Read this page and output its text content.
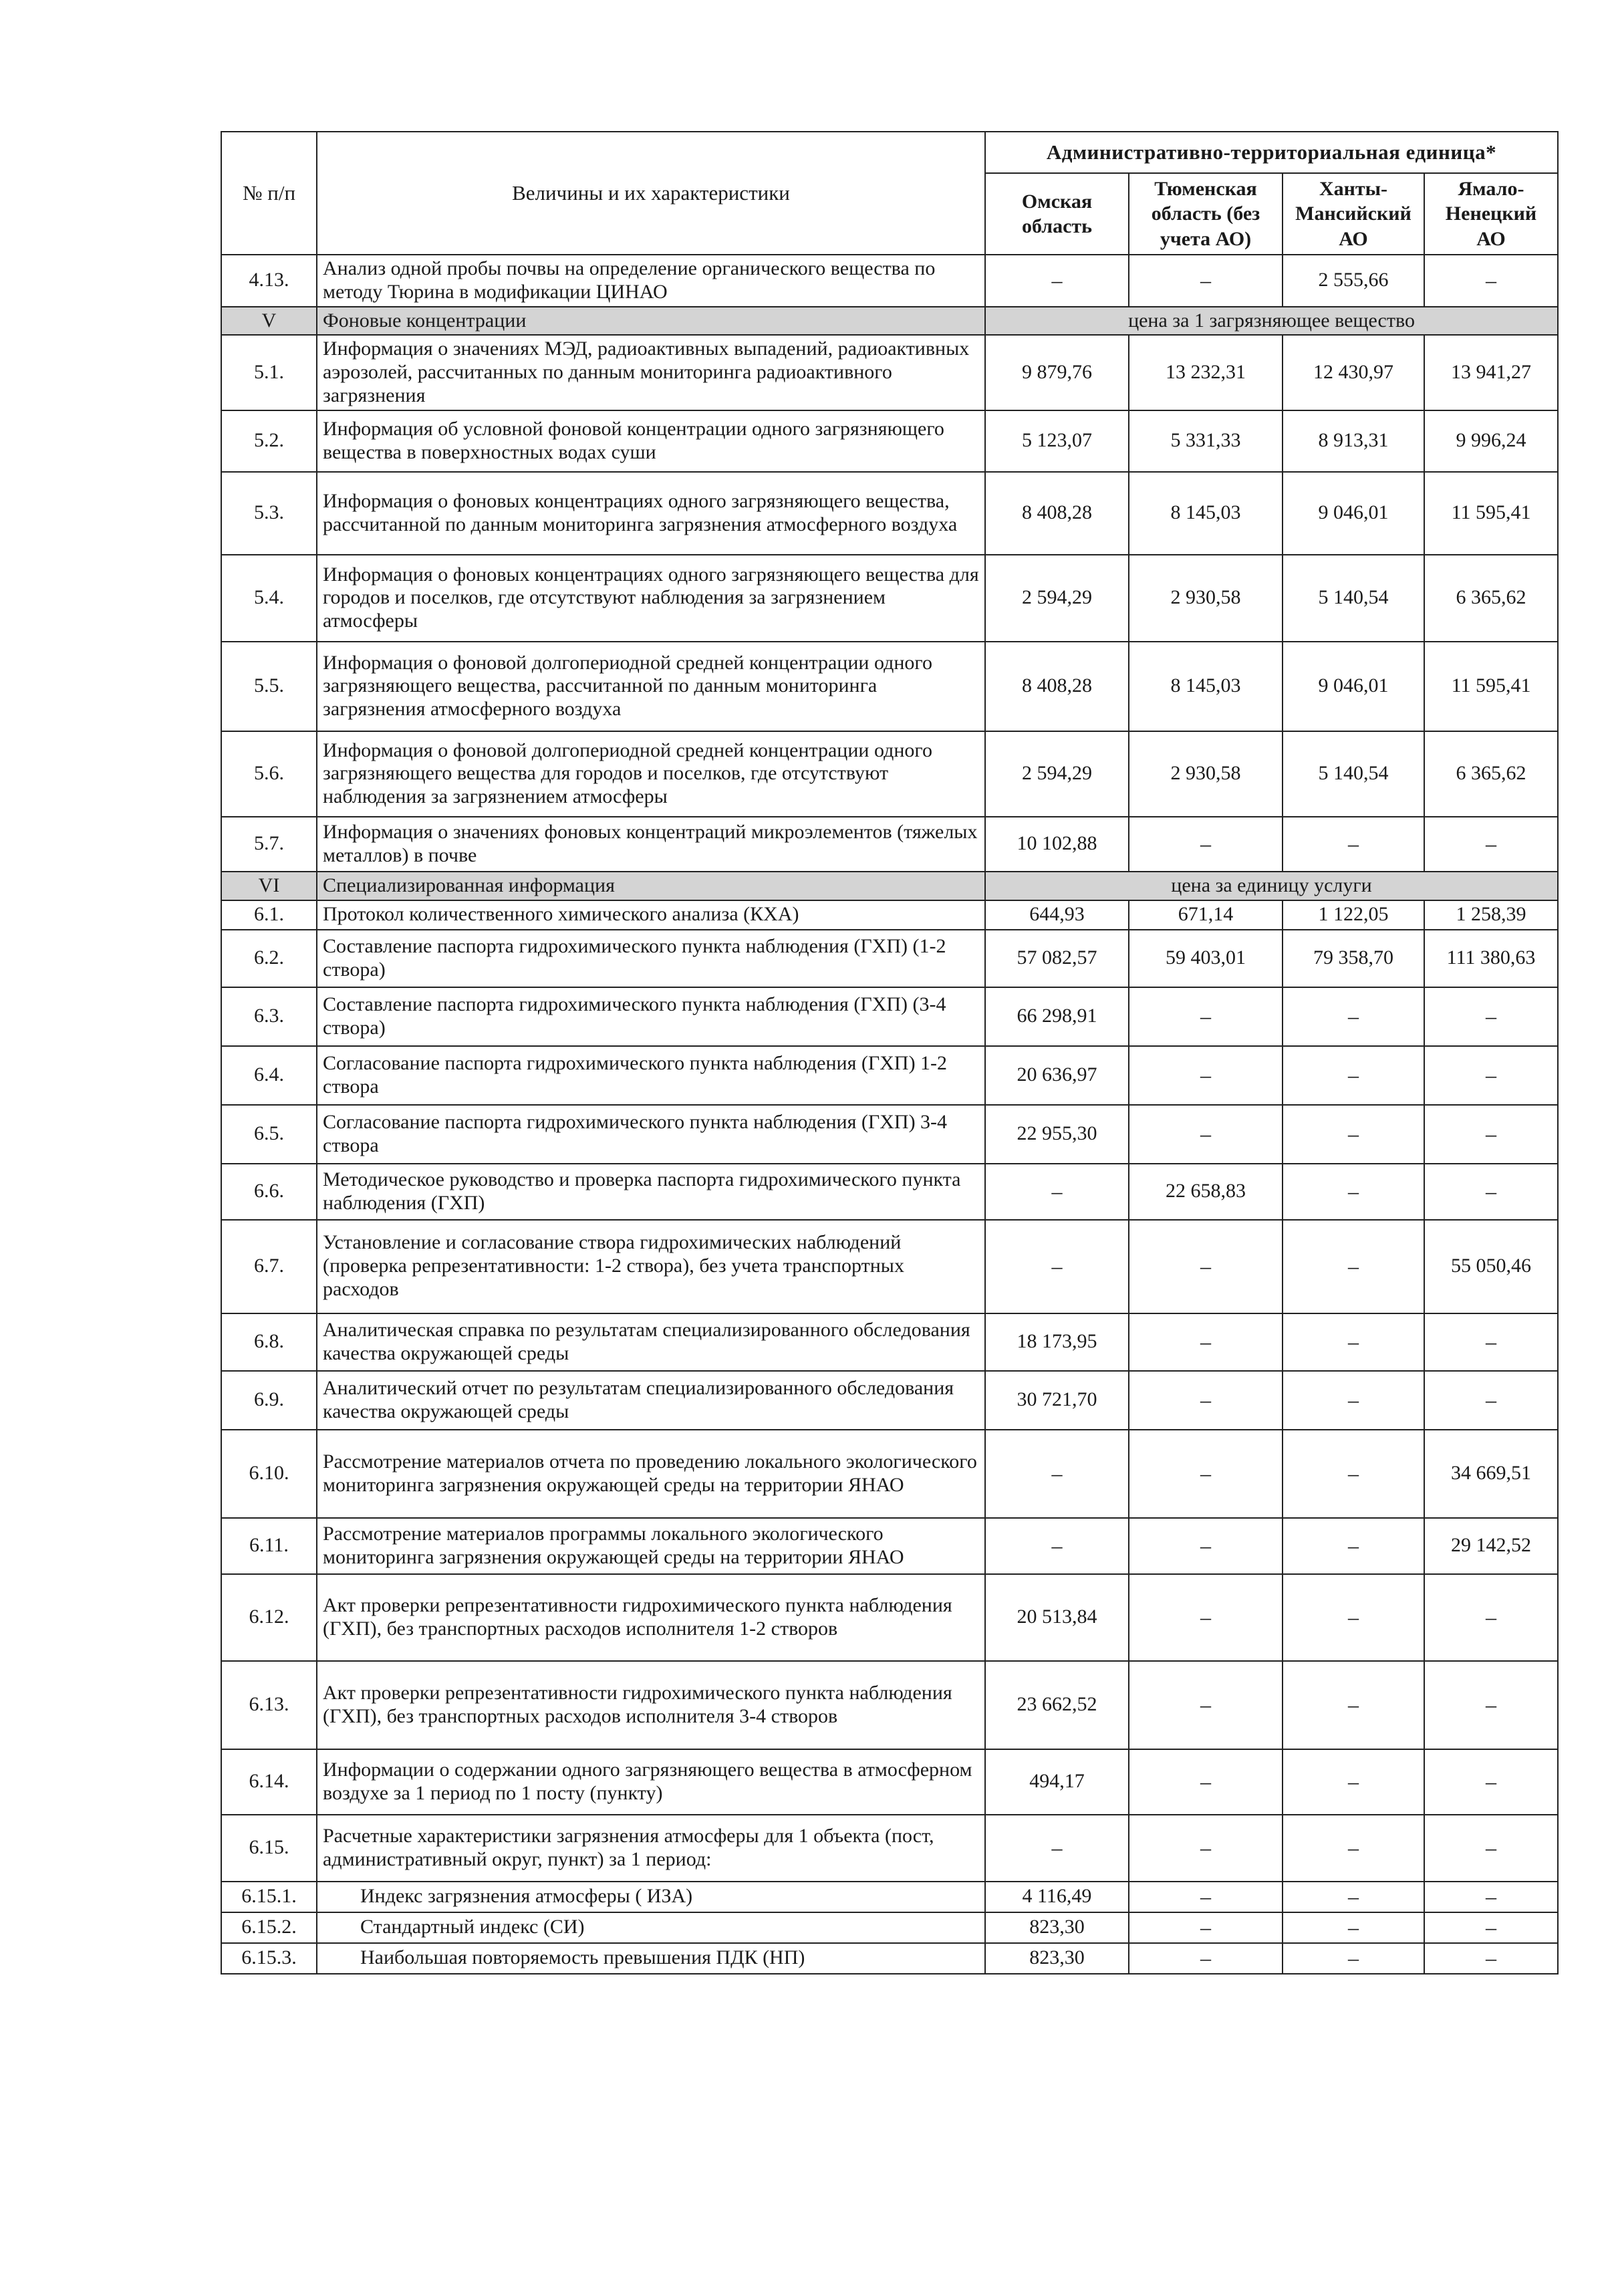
№ п/п	Величины и их характеристики	Административно-территориальная единица*			
		Омская область	Тюменская область (без учета АО)	Ханты-Мансийский АО	Ямало-Ненецкий АО
4.13.	Анализ одной пробы почвы на определение органического вещества по методу Тюрина в модификации ЦИНАО	–	–	2 555,66	–
V	Фоновые концентрации	цена за 1 загрязняющее вещество			
5.1.	Информация о значениях МЭД, радиоактивных выпадений, радиоактивных аэрозолей, рассчитанных по данным мониторинга радиоактивного загрязнения	9 879,76	13 232,31	12 430,97	13 941,27
5.2.	Информация об условной фоновой концентрации одного загрязняющего вещества в поверхностных водах суши	5 123,07	5 331,33	8 913,31	9 996,24
5.3.	Информация о фоновых концентрациях одного загрязняющего вещества, рассчитанной по данным мониторинга загрязнения атмосферного воздуха	8 408,28	8 145,03	9 046,01	11 595,41
5.4.	Информация о фоновых концентрациях одного загрязняющего вещества для городов и поселков, где отсутствуют наблюдения за загрязнением атмосферы	2 594,29	2 930,58	5 140,54	6 365,62
5.5.	Информация о фоновой долгопериодной средней концентрации одного загрязняющего вещества, рассчитанной по данным мониторинга загрязнения атмосферного воздуха	8 408,28	8 145,03	9 046,01	11 595,41
5.6.	Информация о фоновой долгопериодной средней концентрации одного загрязняющего вещества для городов и поселков, где отсутствуют наблюдения за загрязнением атмосферы	2 594,29	2 930,58	5 140,54	6 365,62
5.7.	Информация о значениях фоновых концентраций микроэлементов (тяжелых металлов) в почве	10 102,88	–	–	–
VI	Специализированная информация	цена за единицу услуги			
6.1.	Протокол количественного химического анализа (КХА)	644,93	671,14	1 122,05	1 258,39
6.2.	Составление паспорта гидрохимического пункта наблюдения (ГХП) (1-2 створа)	57 082,57	59 403,01	79 358,70	111 380,63
6.3.	Составление паспорта гидрохимического пункта наблюдения (ГХП) (3-4 створа)	66 298,91	–	–	–
6.4.	Согласование паспорта гидрохимического пункта наблюдения (ГХП) 1-2 створа	20 636,97	–	–	–
6.5.	Согласование паспорта гидрохимического пункта наблюдения (ГХП) 3-4 створа	22 955,30	–	–	–
6.6.	Методическое руководство и проверка паспорта гидрохимического пункта наблюдения (ГХП)	–	22 658,83	–	–
6.7.	Установление и согласование створа гидрохимических наблюдений (проверка репрезентативности: 1-2 створа), без учета транспортных расходов	–	–	–	55 050,46
6.8.	Аналитическая справка по результатам специализированного обследования качества окружающей среды	18 173,95	–	–	–
6.9.	Аналитический отчет по результатам специализированного обследования качества окружающей среды	30 721,70	–	–	–
6.10.	Рассмотрение материалов отчета по проведению локального экологического мониторинга загрязнения окружающей среды на территории ЯНАО	–	–	–	34 669,51
6.11.	Рассмотрение материалов программы локального экологического мониторинга загрязнения окружающей среды на территории ЯНАО	–	–	–	29 142,52
6.12.	Акт проверки репрезентативности гидрохимического пункта наблюдения (ГХП), без транспортных расходов исполнителя 1-2 створов	20 513,84	–	–	–
6.13.	Акт проверки репрезентативности гидрохимического пункта наблюдения (ГХП), без транспортных расходов исполнителя 3-4 створов	23 662,52	–	–	–
6.14.	Информации о содержании одного загрязняющего вещества в атмосферном воздухе за 1 период по 1 посту (пункту)	494,17	–	–	–
6.15.	Расчетные характеристики загрязнения атмосферы для 1 объекта (пост, административный округ, пункт) за 1 период:	–	–	–	–
6.15.1.	Индекс загрязнения атмосферы ( ИЗА)	4 116,49	–	–	–
6.15.2.	Стандартный индекс (СИ)	823,30	–	–	–
6.15.3.	Наибольшая повторяемость превышения ПДК (НП)	823,30	–	–	–
